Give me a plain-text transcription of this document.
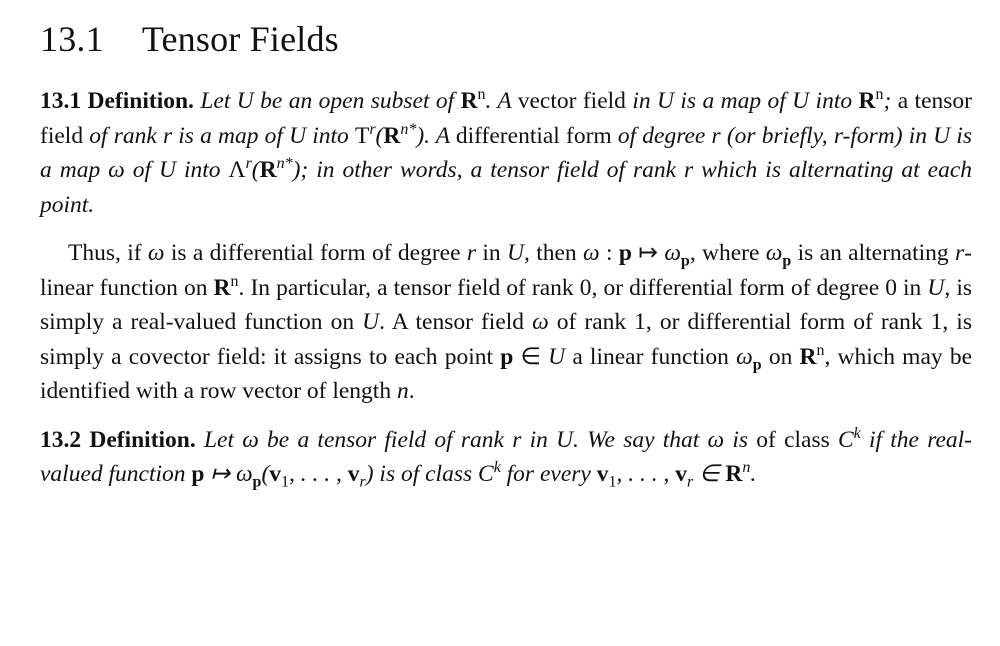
13.1 Tensor Fields

13.1 Definition. Let U be an open subset of $R^n$. A vector field in U is a map of U into $R^n$; a tensor field of rank r is a map of U into $T^r(R^{n*})$. A differential form of degree r (or briefly, r-form) in U is a map ω of U into $\Lambda^r(R^{n*})$; in other words, a tensor field of rank r which is alternating at each point.

Thus, if ω is a differential form of degree r in U, then ω : p ↦ $\omega_p$, where $\omega_p$ is an alternating r-linear function on $R^n$. In particular, a tensor field of rank 0, or differential form of degree 0 in U, is simply a real-valued function on U. A tensor field ω of rank 1, or differential form of rank 1, is simply a covector field: it assigns to each point p ∈ U a linear function $\omega_p$ on $R^n$, which may be identified with a row vector of length n.

13.2 Definition. Let ω be a tensor field of rank r in U. We say that ω is of class $C^k$ if the real-valued function p ↦ $\omega_p(v_1$, . . . , $v_r$) is of class $C^k$ for every $v_1$, . . . , $v_r$ ∈ $R^n$.
